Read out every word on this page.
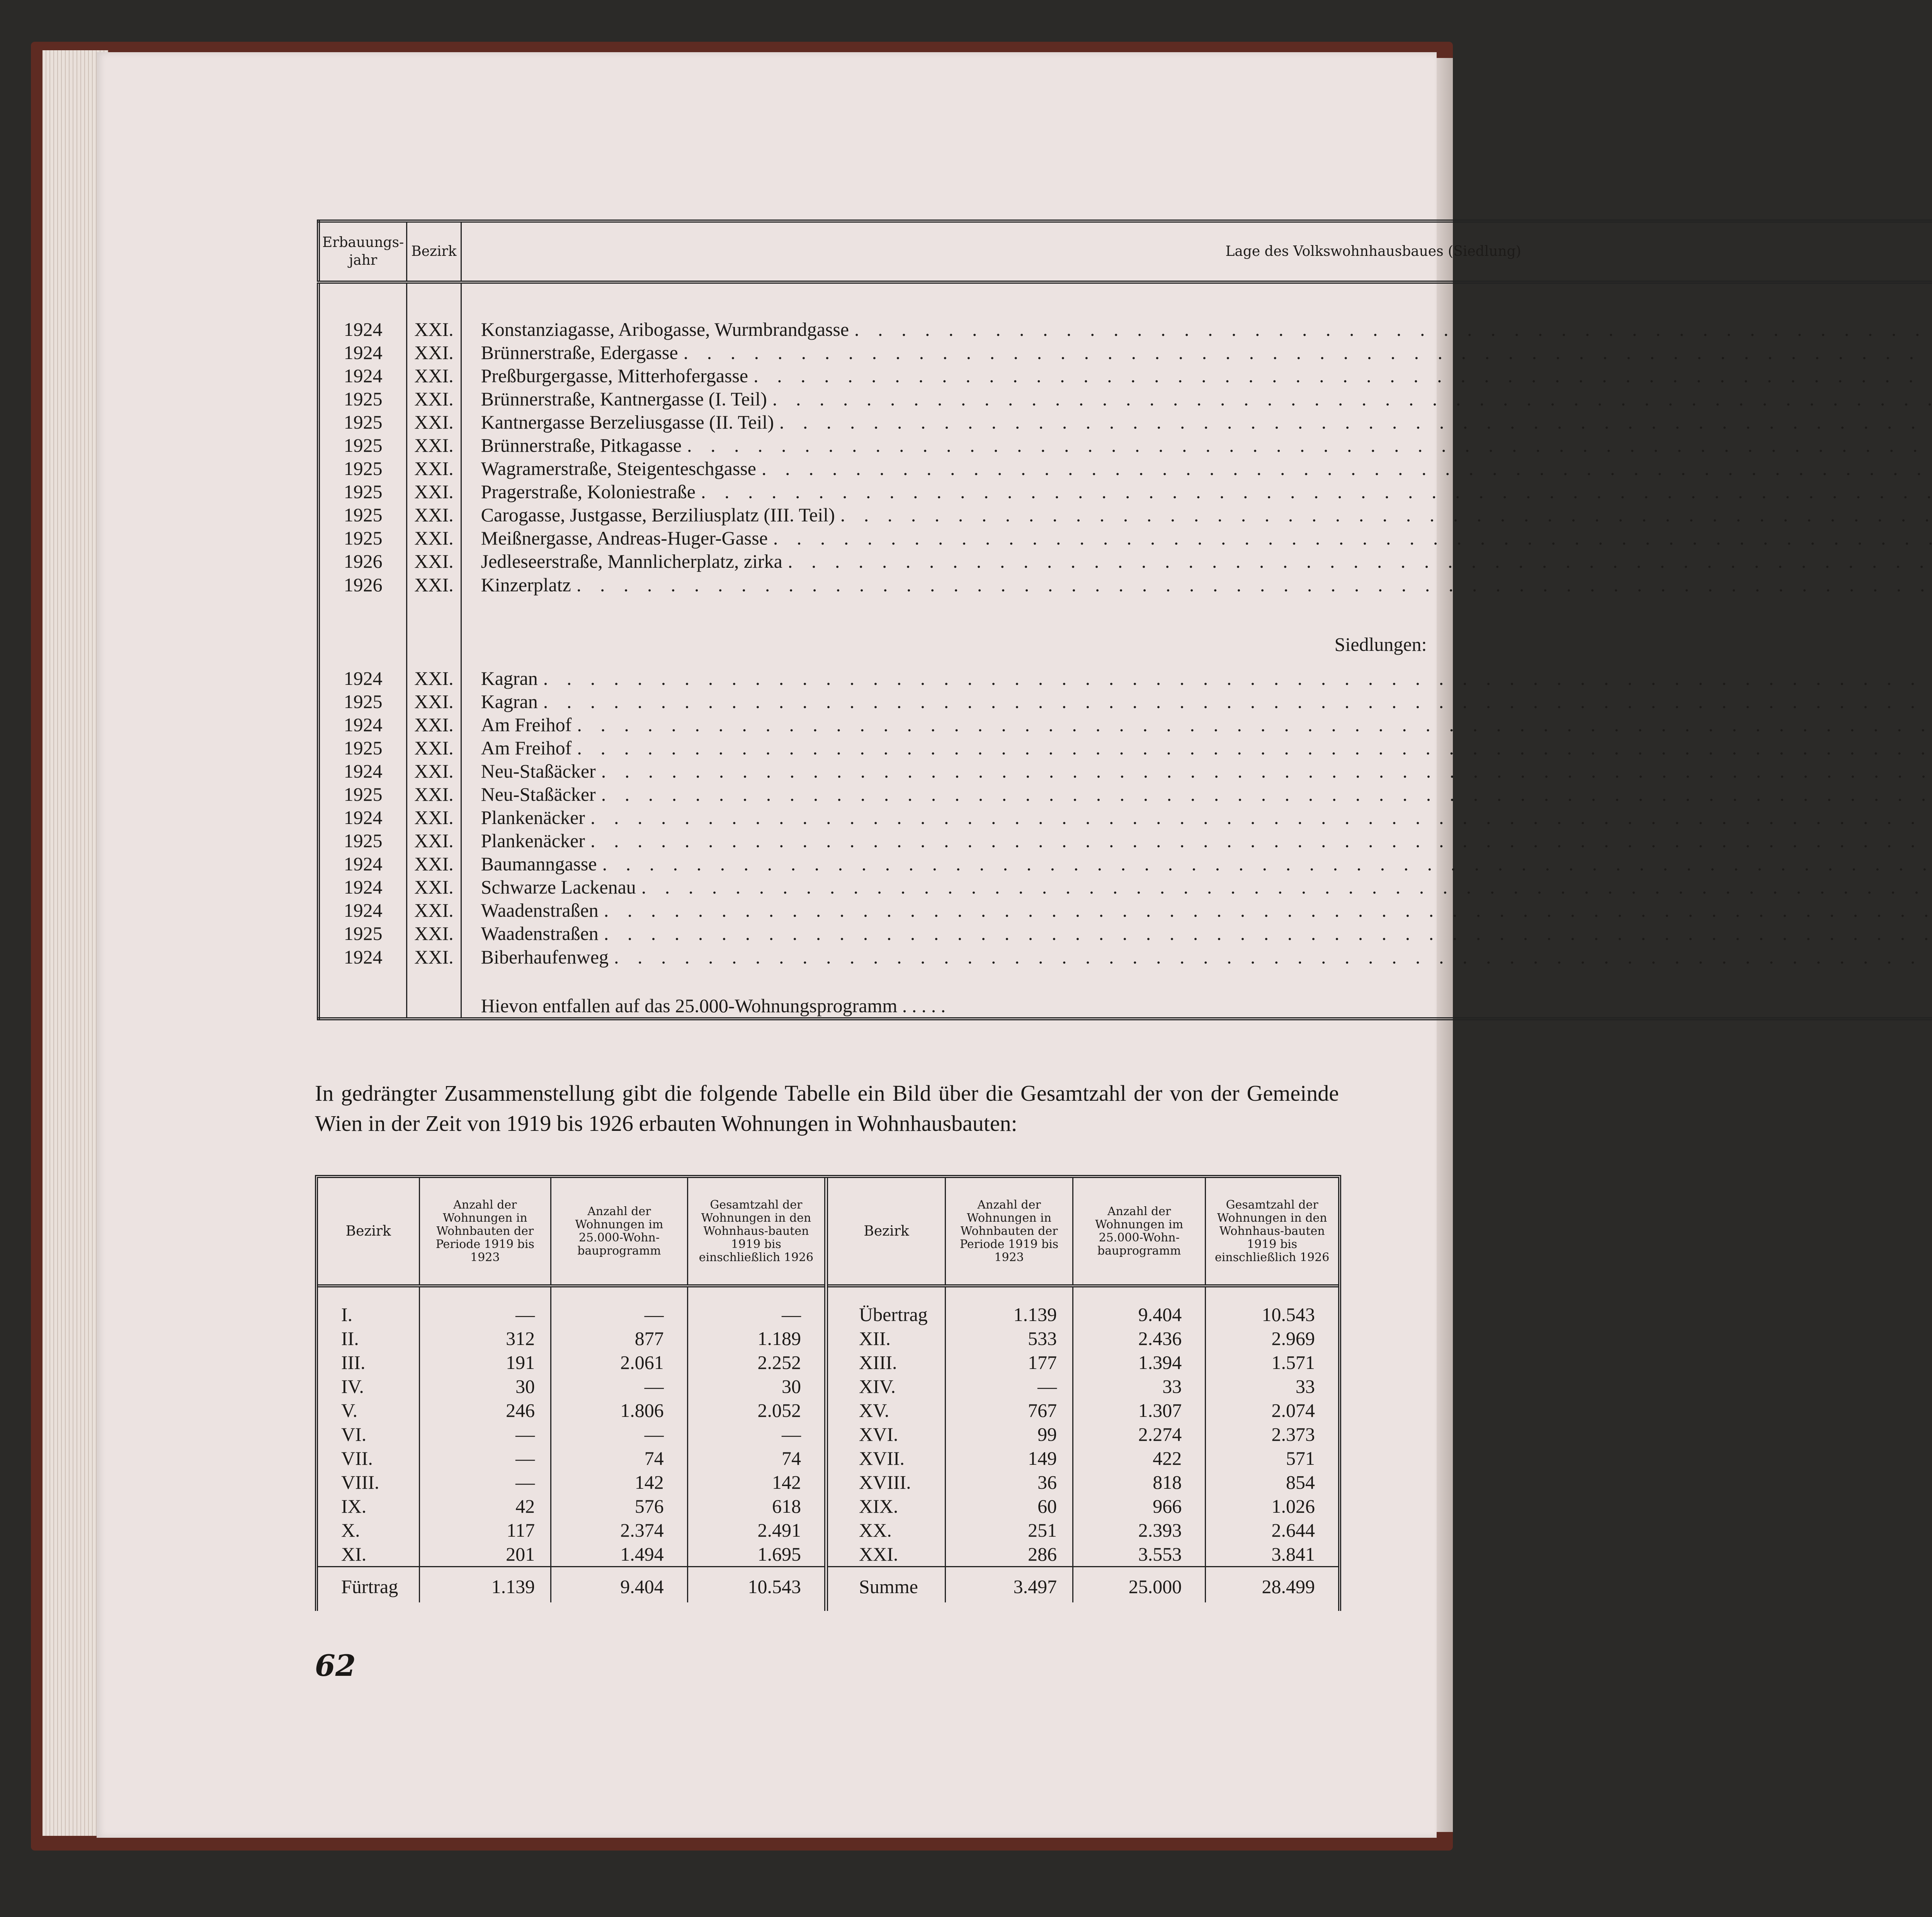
Erbauungs-
jahr	Bezirk	Lage des Volkswohnhausbaues (Siedlung)	

1924	XXI.	Konstanziagasse, Aribogasse, Wurmbrandgasse
. . .

1924	XXI.	Brünnerstraße, Edergasse
. . .

1924	XXI.	Preßburgergasse, Mitterhofergasse
. . .

1925	XXI.	Brünnerstraße, Kantnergasse (I. Teil)
. . .

1925	XXI.	Kantnergasse Berzeliusgasse (II. Teil)
. . .

1925	XXI.	Brünnerstraße, Pitkagasse
. . .

1925	XXI.	Wagramerstraße, Steigenteschgasse
. . .

1925	XXI.	Pragerstraße, Koloniestraße
. . .

1925	XXI.	Carogasse, Justgasse, Berziliusplatz (III. Teil)
. . .

1925	XXI.	Meißnergasse, Andreas-Huger-Gasse
. . .

1926	XXI.	Jedleseerstraße, Mannlicherplatz, zirka
. . .

1926	XXI.	Kinzerplatz
. . .

		Siedlungen:	

1924	XXI.	Kagran
. . .

1925	XXI.	Kagran
. . .

1924	XXI.	Am Freihof
. . .

1925	XXI.	Am Freihof
. . .

1924	XXI.	Neu-Staßäcker
. . .

1925	XXI.	Neu-Staßäcker
. . .

1924	XXI.	Plankenäcker
. . .

1925	XXI.	Plankenäcker
. . .

1924	XXI.	Baumanngasse
. . .

1924	XXI.	Schwarze Lackenau
. . .

1924	XXI.	Waadenstraßen
. . .

1925	XXI.	Waadenstraßen
. . .

1924	XXI.	Biberhaufenweg
. . .

		Hievon entfallen auf das 25.000-Wohnungsprogramm . . . . .	
In gedrängter Zusammenstellung gibt die folgende Tabelle ein Bild über die Gesamtzahl der von der Gemeinde Wien in der Zeit von 1919 bis 1926 erbauten Wohnungen in Wohnhausbauten:
Bezirk	Anzahl der Wohnungen in Wohnbauten der Periode 1919 bis 1923	Anzahl der Wohnungen im 25.000-Wohn-bauprogramm	Gesamtzahl der Wohnungen in den Wohnhaus-bauten 1919 bis einschließlich 1926
I.	—	—	—
II.	312	877	1.189
III.	191	2.061	2.252
IV.	30	—	30
V.	246	1.806	2.052
VI.	—	—	—
VII.	—	74	74
VIII.	—	142	142
IX.	42	576	618
X.	117	2.374	2.491
XI.	201	1.494	1.695
Fürtrag	1.139	9.404	10.543
Bezirk	Anzahl der Wohnungen in Wohnbauten der Periode 1919 bis 1923	Anzahl der Wohnungen im 25.000-Wohn-bauprogramm	Gesamtzahl der Wohnungen in den Wohnhaus-bauten 1919 bis einschließlich 1926
Übertrag	1.139	9.404	10.543
XII.	533	2.436	2.969
XIII.	177	1.394	1.571
XIV.	—	33	33
XV.	767	1.307	2.074
XVI.	99	2.274	2.373
XVII.	149	422	571
XVIII.	36	818	854
XIX.	60	966	1.026
XX.	251	2.393	2.644
XXI.	286	3.553	3.841
Summe	3.497	25.000	28.499
62
